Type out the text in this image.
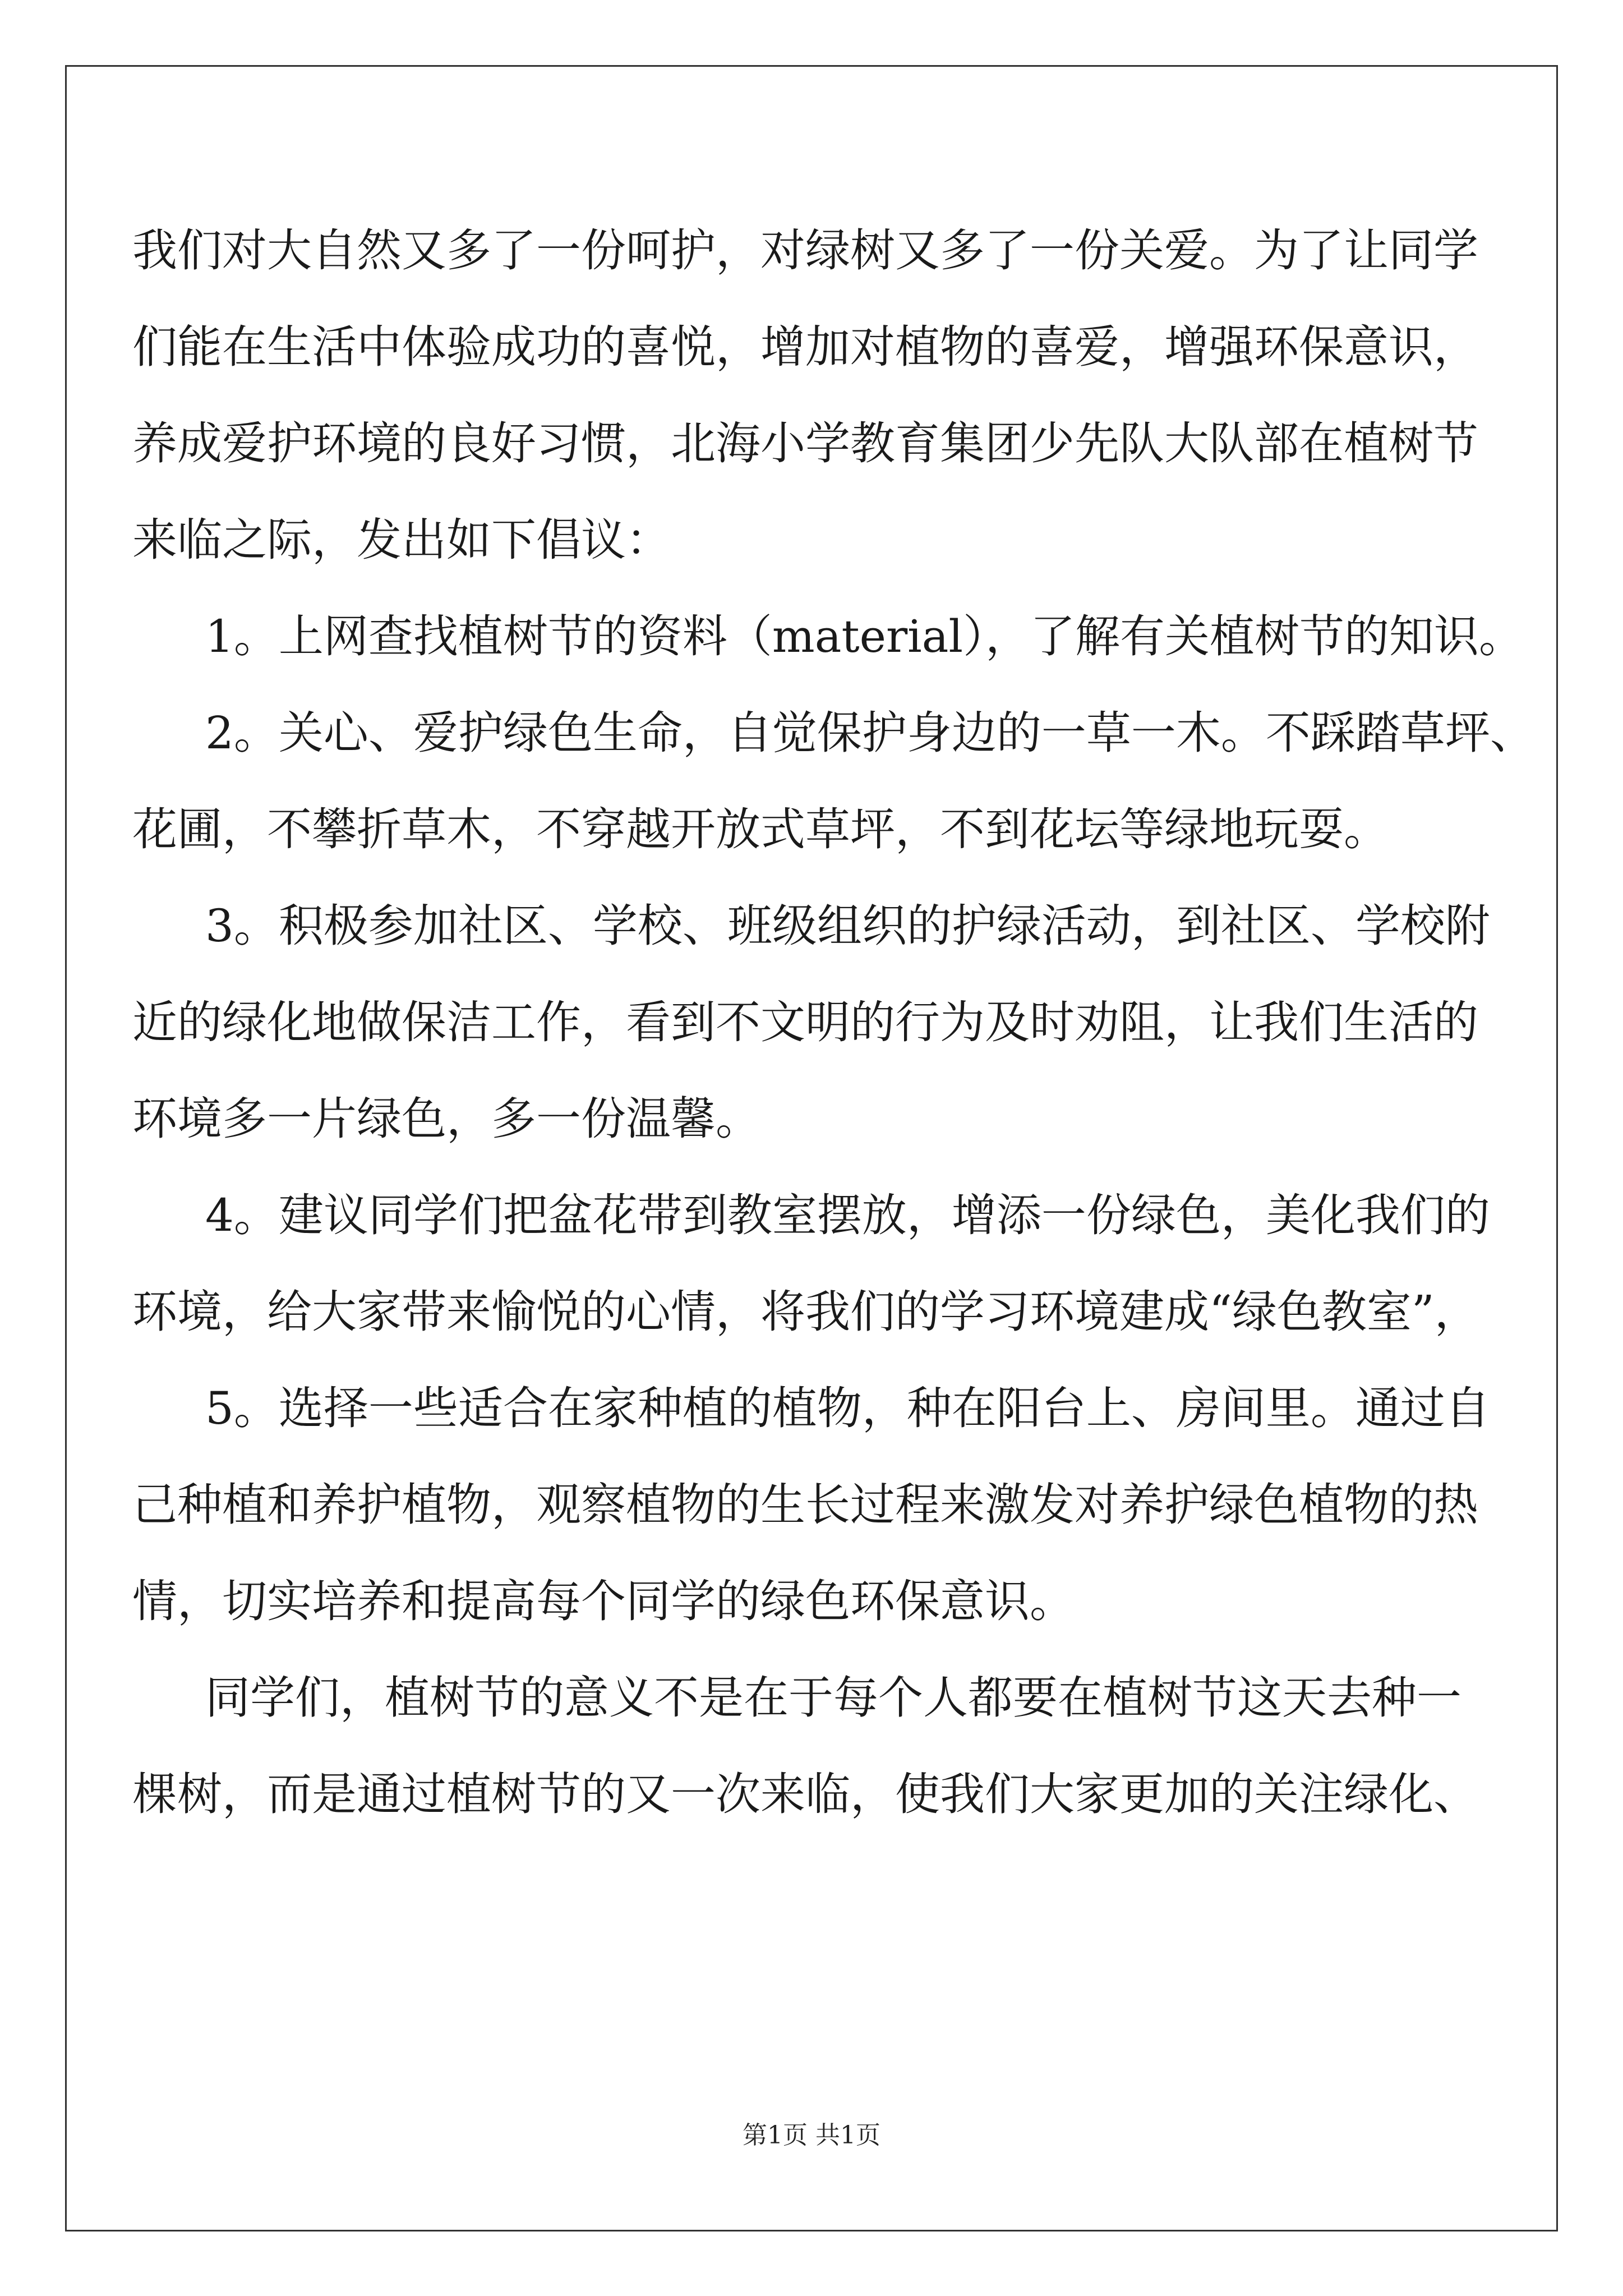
我们对大自然又多了一份呵护，对绿树又多了一份关爱。为了让同学
们能在生活中体验成功的喜悦，增加对植物的喜爱，增强环保意识，
养成爱护环境的良好习惯，北海小学教育集团少先队大队部在植树节
来临之际，发出如下倡议：
1。上网查找植树节的资料（material），了解有关植树节的知识。
2。关心、爱护绿色生命，自觉保护身边的一草一木。不踩踏草坪、
花圃，不攀折草木，不穿越开放式草坪，不到花坛等绿地玩耍。
3。积极参加社区、学校、班级组织的护绿活动，到社区、学校附
近的绿化地做保洁工作，看到不文明的行为及时劝阻，让我们生活的
环境多一片绿色，多一份温馨。
4。建议同学们把盆花带到教室摆放，增添一份绿色，美化我们的
环境，给大家带来愉悦的心情，将我们的学习环境建成“绿色教室”，
5。选择一些适合在家种植的植物，种在阳台上、房间里。通过自
己种植和养护植物，观察植物的生长过程来激发对养护绿色植物的热
情，切实培养和提高每个同学的绿色环保意识。
同学们，植树节的意义不是在于每个人都要在植树节这天去种一
棵树，而是通过植树节的又一次来临，使我们大家更加的关注绿化、
第1页 共1页
